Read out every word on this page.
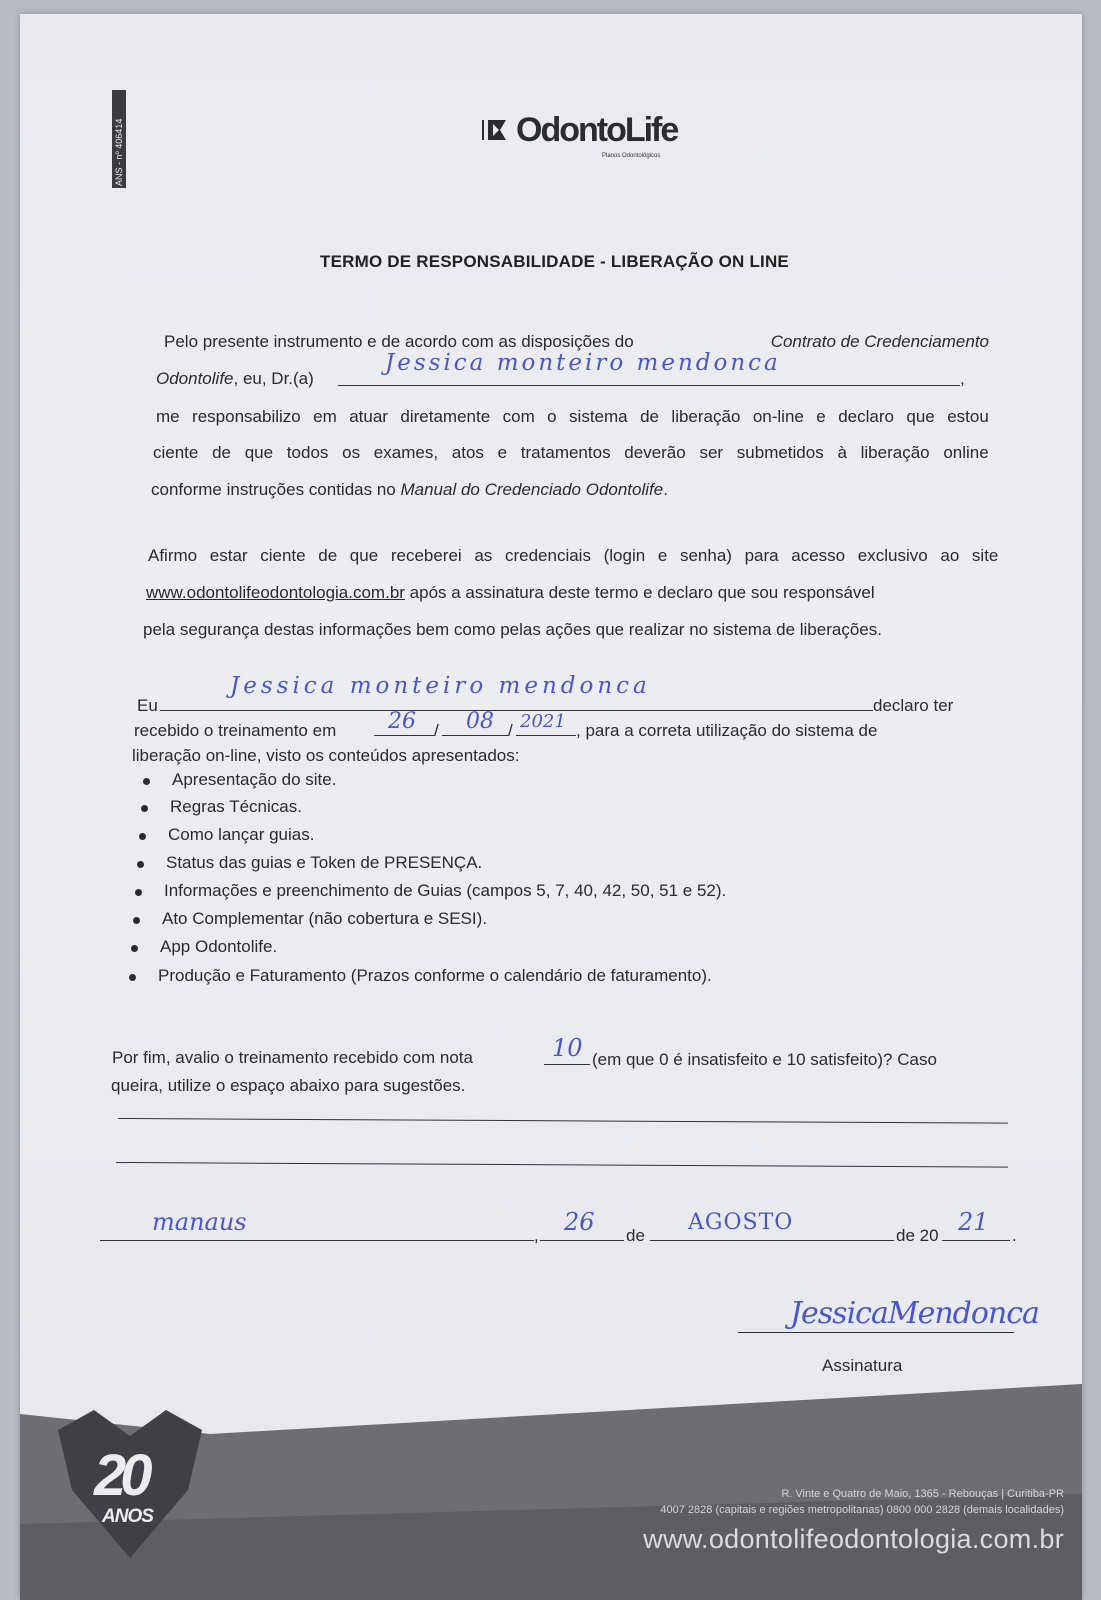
ANS - nº 406414	OdontoLife
Planos Odontológicos
TERMO DE RESPONSABILIDADE - LIBERAÇÃO ON LINE
Pelo presente instrumento e de acordo com as disposições do	Contrato de Credenciamento
Odontolife, eu, Dr.(a)	,
Jessica monteiro mendonca
me responsabilizo em atuar diretamente com o sistema de liberação on-line e declaro que estou
ciente de que todos os exames, atos e tratamentos deverão ser submetidos à liberação online
conforme instruções contidas no Manual do Credenciado Odontolife.
Afirmo estar ciente de que receberei as credenciais (login e senha) para acesso exclusivo ao site
www.odontolifeodontologia.com.br após a assinatura deste termo e declaro que sou responsável
pela segurança destas informações bem como pelas ações que realizar no sistema de liberações.
Eu
Jessica monteiro mendonca
declaro ter
recebido o treinamento em	/	/
26 08 2021 , para a correta utilização do sistema de
liberação on-line, visto os conteúdos apresentados:
Apresentação do site.
Regras Técnicas.
Como lançar guias.
Status das guias e Token de PRESENÇA.
Informações e preenchimento de Guias (campos 5, 7, 40, 42, 50, 51 e 52).
Ato Complementar (não cobertura e SESI).
App Odontolife.
Produção e Faturamento (Prazos conforme o calendário de faturamento).
Por fim, avalio o treinamento recebido com nota	10 (em que 0 é insatisfeito e 10 satisfeito)? Caso
queira, utilize o espaço abaixo para sugestões.
manaus	, 26 de
AGOSTO
de 20 21 .
JessicaMendonca
Assinatura
20
ANOS
R. Vinte e Quatro de Maio, 1365 - Rebouças | Curitiba-PR
4007 2828 (capitais e regiões metropolitanas) 0800 000 2828 (demais localidades)
www.odontolifeodontologia.com.br
